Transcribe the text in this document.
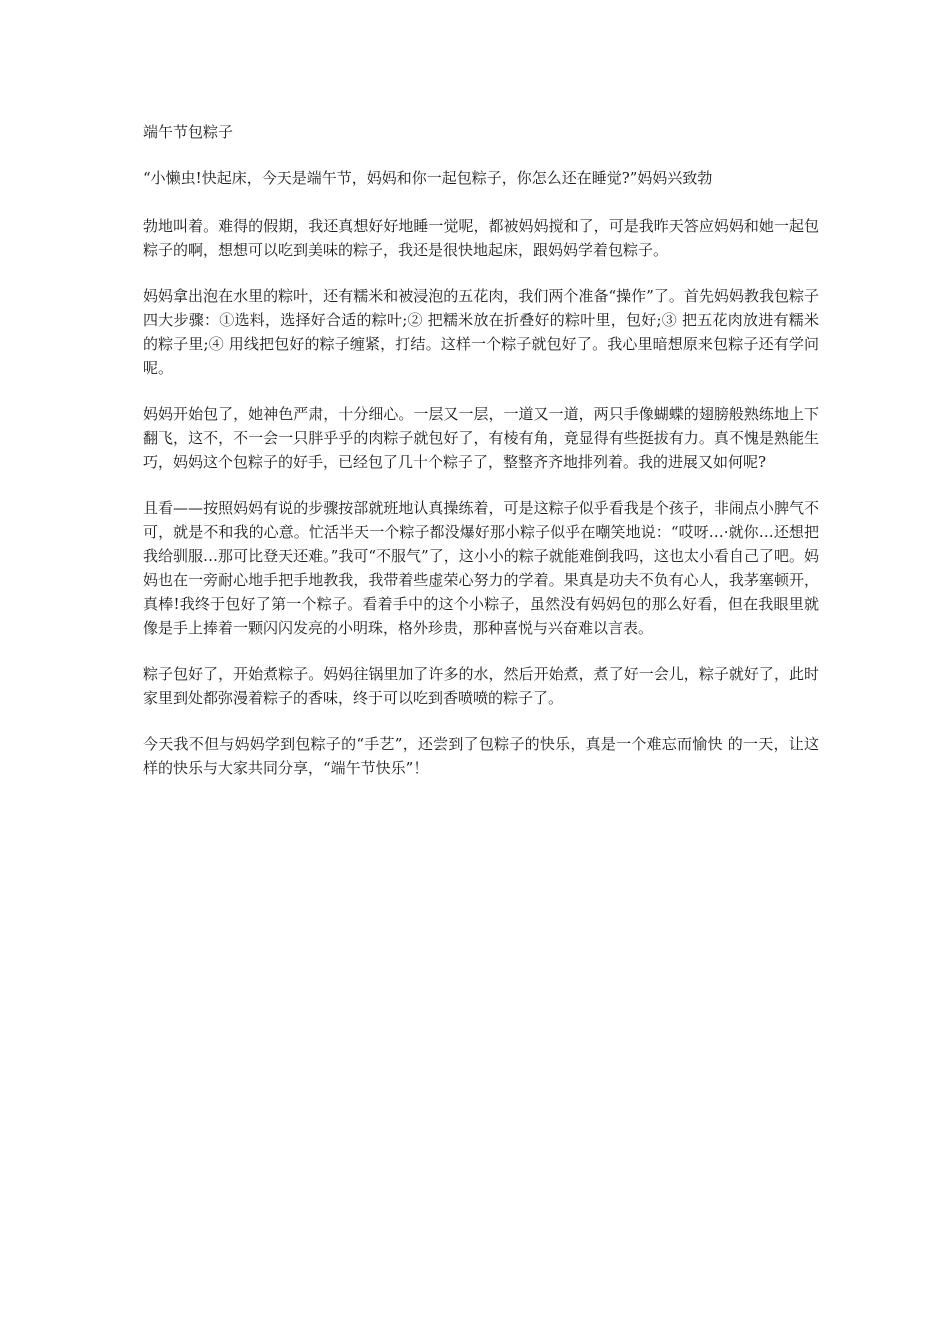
端午节包粽子

“小懒虫!快起床，今天是端午节，妈妈和你一起包粽子，你怎么还在睡觉?”妈妈兴致勃

勃地叫着。难得的假期，我还真想好好地睡一觉呢，都被妈妈搅和了，可是我昨天答应妈妈和她一起包粽子的啊，想想可以吃到美味的粽子，我还是很快地起床，跟妈妈学着包粽子。

妈妈拿出泡在水里的粽叶，还有糯米和被浸泡的五花肉，我们两个准备“操作”了。首先妈妈教我包粽子四大步骤：①选料，选择好合适的粽叶;② 把糯米放在折叠好的粽叶里，包好;③ 把五花肉放进有糯米的粽子里;④ 用线把包好的粽子缠紧，打结。这样一个粽子就包好了。我心里暗想原来包粽子还有学问呢。

妈妈开始包了，她神色严肃，十分细心。一层又一层，一道又一道，两只手像蝴蝶的翅膀般熟练地上下翻飞，这不，不一会一只胖乎乎的肉粽子就包好了，有棱有角，竟显得有些挺拔有力。真不愧是熟能生巧，妈妈这个包粽子的好手，已经包了几十个粽子了，整整齐齐地排列着。我的进展又如何呢?

且看——按照妈妈有说的步骤按部就班地认真操练着，可是这粽子似乎看我是个孩子，非闹点小脾气不可，就是不和我的心意。忙活半天一个粽子都没爆好那小粽子似乎在嘲笑地说：“哎呀…·就你…还想把我给驯服…那可比登天还难。”我可“不服气”了，这小小的粽子就能难倒我吗，这也太小看自己了吧。妈妈也在一旁耐心地手把手地教我，我带着些虚荣心努力的学着。果真是功夫不负有心人，我茅塞顿开，真棒!我终于包好了第一个粽子。看着手中的这个小粽子，虽然没有妈妈包的那么好看，但在我眼里就像是手上捧着一颗闪闪发亮的小明珠，格外珍贵，那种喜悦与兴奋难以言表。

粽子包好了，开始煮粽子。妈妈往锅里加了许多的水，然后开始煮，煮了好一会儿，粽子就好了，此时家里到处都弥漫着粽子的香味，终于可以吃到香喷喷的粽子了。

今天我不但与妈妈学到包粽子的“手艺”，还尝到了包粽子的快乐，真是一个难忘而愉快 的一天，让这样的快乐与大家共同分享，“端午节快乐”！
